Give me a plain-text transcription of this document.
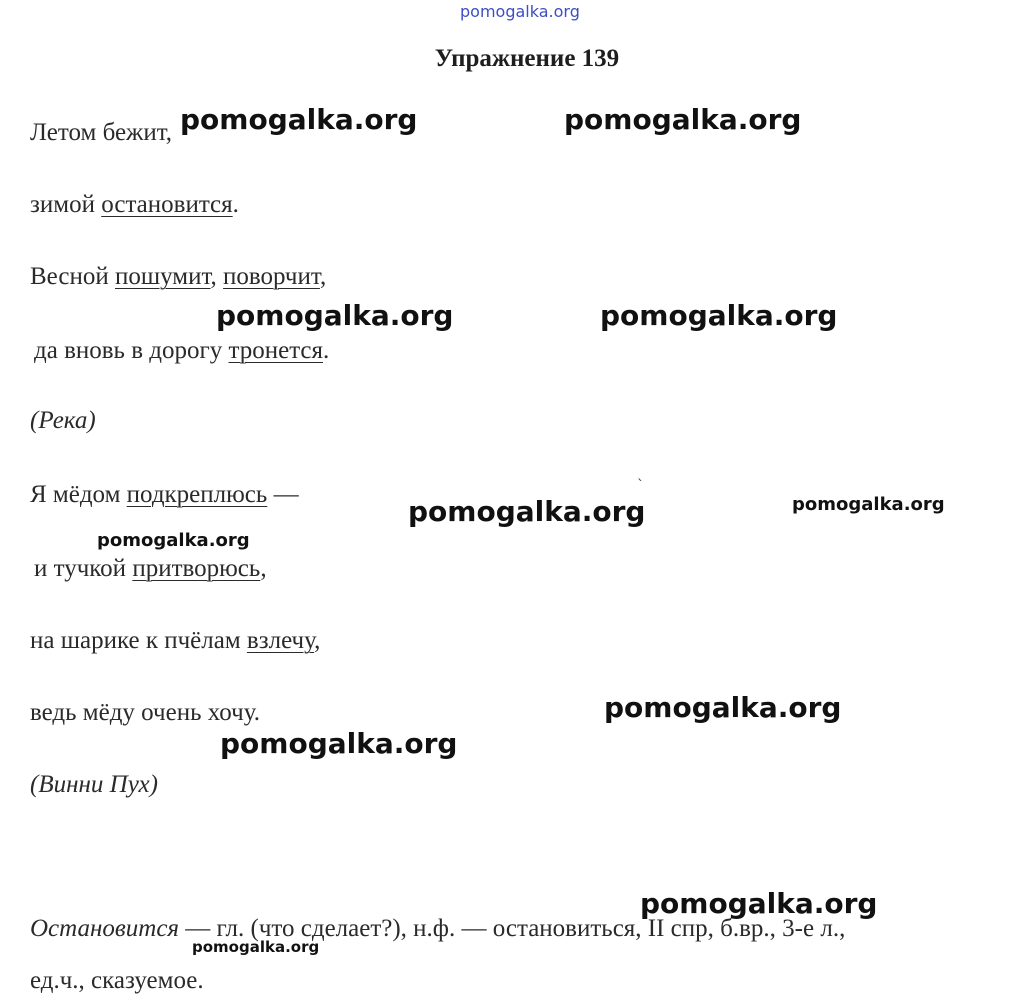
pomogalka.org
Упражнение 139
Летом бежит,
зимой остановится.
Весной пошумит, поворчит,
да вновь в дорогу тронется.
(Река)
Я мёдом подкреплюсь —
и тучкой притворюсь,
на шарике к пчёлам взлечу,
ведь мёду очень хочу.
(Винни Пух)
Остановится — гл. (что сделает?), н.ф. — остановиться, II спр, б.вр., 3-е л.,
ед.ч., сказуемое.
pomogalka.org	pomogalka.org
pomogalka.org	pomogalka.org
pomogalka.org	pomogalka.org
pomogalka.org
pomogalka.org
pomogalka.org
pomogalka.org
pomogalka.org
`
